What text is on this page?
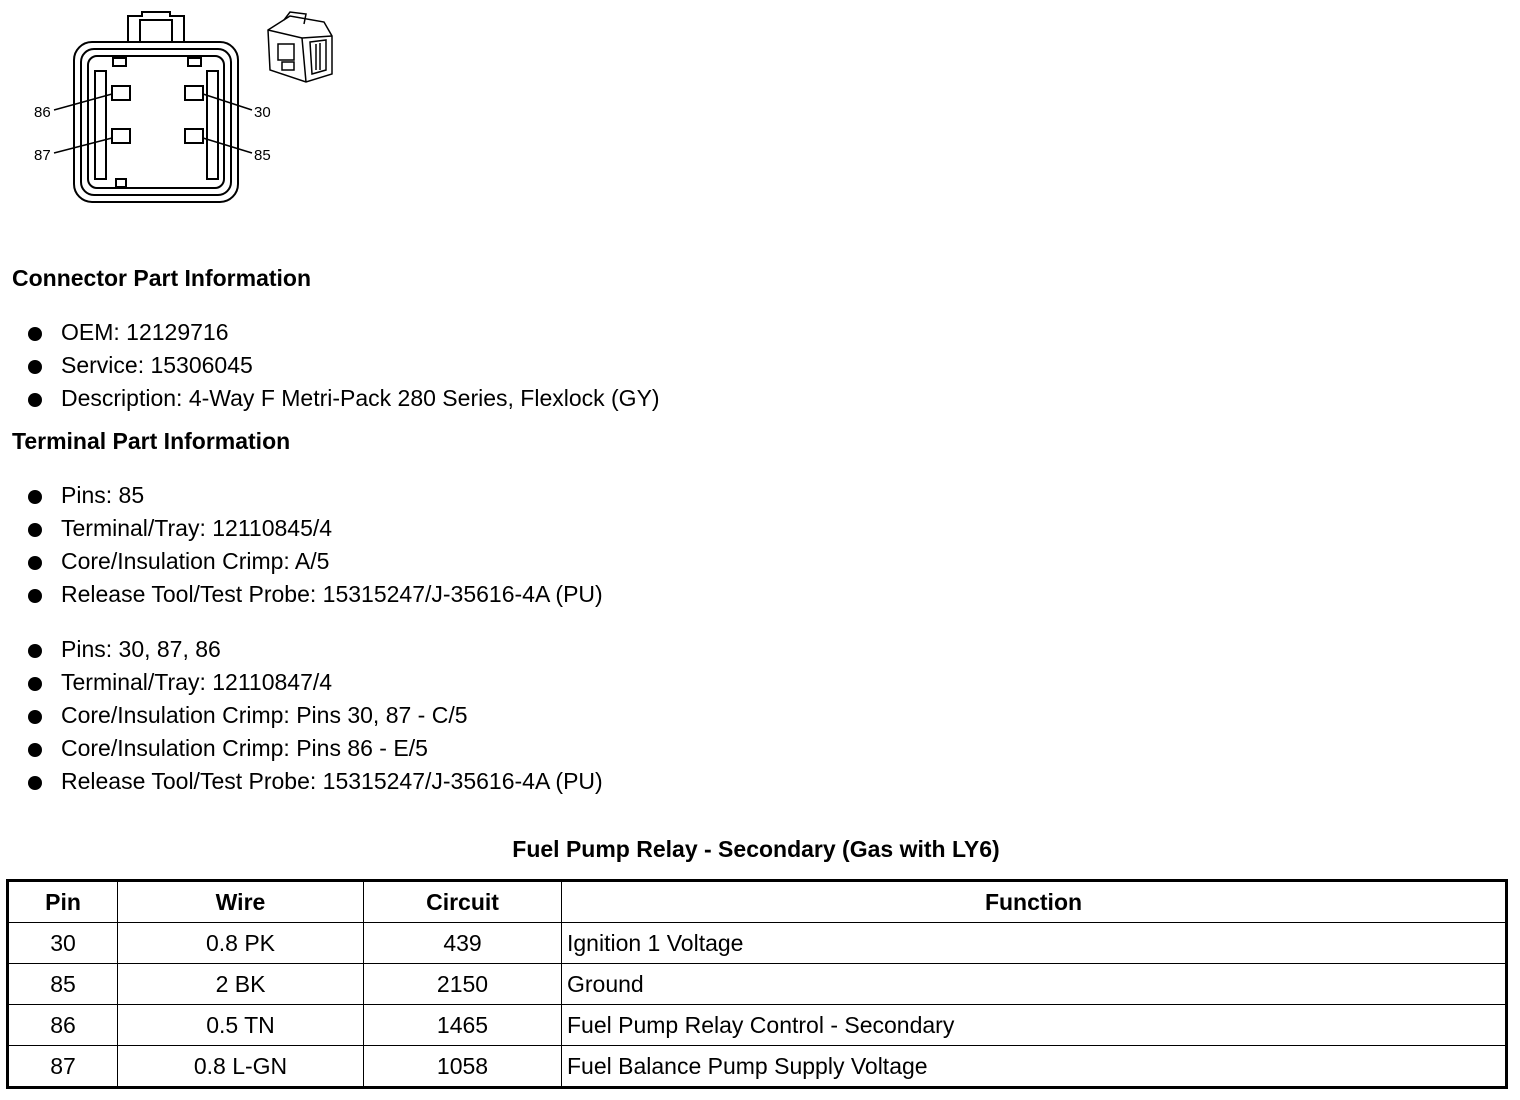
86
87
30
85
Connector Part Information
OEM: 12129716
Service: 15306045
Description: 4-Way F Metri-Pack 280 Series, Flexlock (GY)
Terminal Part Information
Pins: 85
Terminal/Tray: 12110845/4
Core/Insulation Crimp: A/5
Release Tool/Test Probe: 15315247/J-35616-4A (PU)
Pins: 30, 87, 86
Terminal/Tray: 12110847/4
Core/Insulation Crimp: Pins 30, 87 - C/5
Core/Insulation Crimp: Pins 86 - E/5
Release Tool/Test Probe: 15315247/J-35616-4A (PU)
Fuel Pump Relay - Secondary (Gas with LY6)
Pin	Wire	Circuit	Function
30	0.8 PK	439	Ignition 1 Voltage
85	2 BK	2150	Ground
86	0.5 TN	1465	Fuel Pump Relay Control - Secondary
87	0.8 L-GN	1058	Fuel Balance Pump Supply Voltage
